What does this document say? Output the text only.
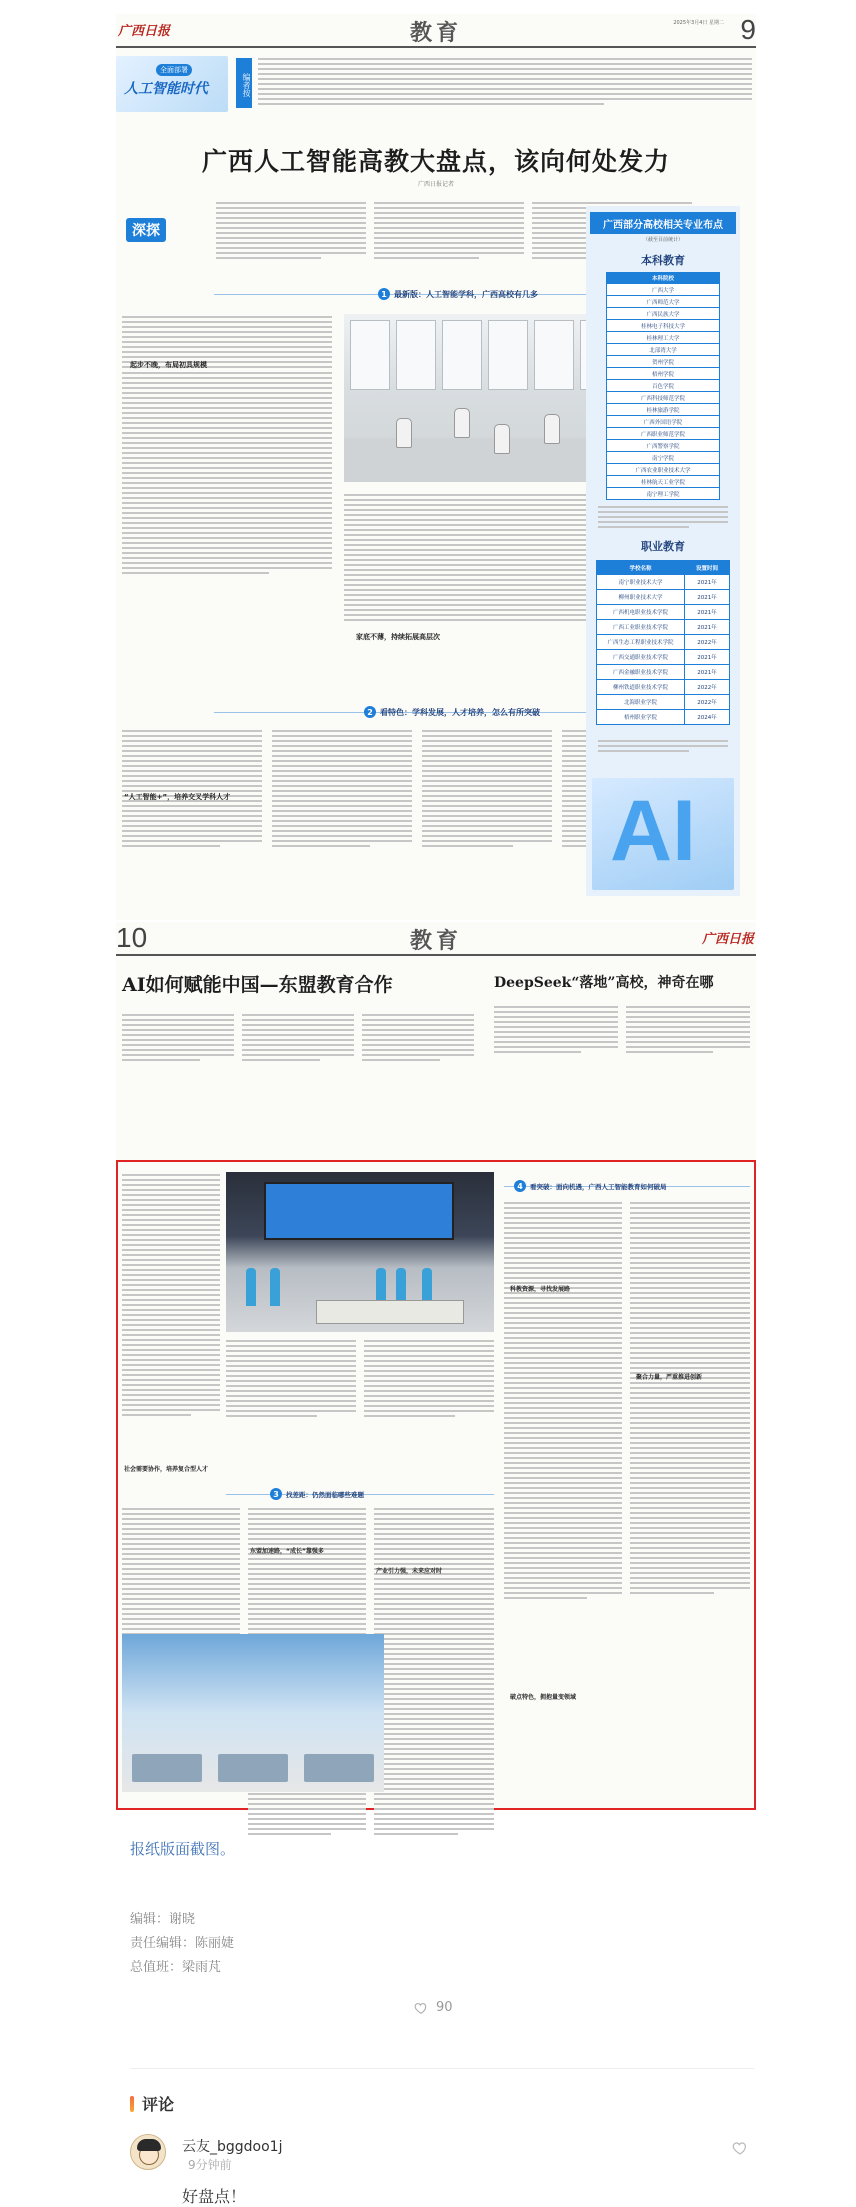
广西日报	教育	2025年3月4日 星期二 9
全面部署
人工智能时代	编者按
广西人工智能高教大盘点，该向何处发力
广西日报记者
深探
1 最新版：人工智能学科，广西高校有几多
起步不晚，布局初具规模
家底不薄，持续拓展高层次
2 看特色：学科发展，人才培养，怎么有所突破
“人工智能+”，培养交叉学科人才
广西部分高校相关专业布点
（截至目前统计）
本科教育
本科院校
广西大学
广西师范大学
广西民族大学
桂林电子科技大学
桂林理工大学
北部湾大学
贺州学院
梧州学院
百色学院
广西科技师范学院
桂林旅游学院
广西外国语学院
广西职业师范学院
广西警察学院
南宁学院
广西农业职业技术大学
桂林航天工业学院
南宁理工学院
职业教育
学校名称	设置时间
南宁职业技术大学	2021年
柳州职业技术大学	2021年
广西机电职业技术学院	2021年
广西工业职业技术学院	2021年
广西生态工程职业技术学院	2022年
广西交通职业技术学院	2021年
广西金融职业技术学院	2021年
柳州铁道职业技术学院	2022年
北海职业学院	2022年
梧州职业学院	2024年
AI
10	教育	广西日报
AI如何赋能中国—东盟教育合作	DeepSeek“落地”高校，神奇在哪
社会需要协作，培养复合型人才
4	看突破：面向机遇，广西人工智能教育如何破局
科教资源，寻找发展路
聚合力量，严重推进创新
破点特色，拥抱量变领域
3	找差距：仍然面临哪些难题
东盟加速路，“成长”靠强多
产业引力强，未来应对时
报纸版面截图。
编辑：谢晓
责任编辑：陈丽婕
总值班：梁雨芃
90
评论
云友_bggdoo1j
9分钟前
好盘点！
